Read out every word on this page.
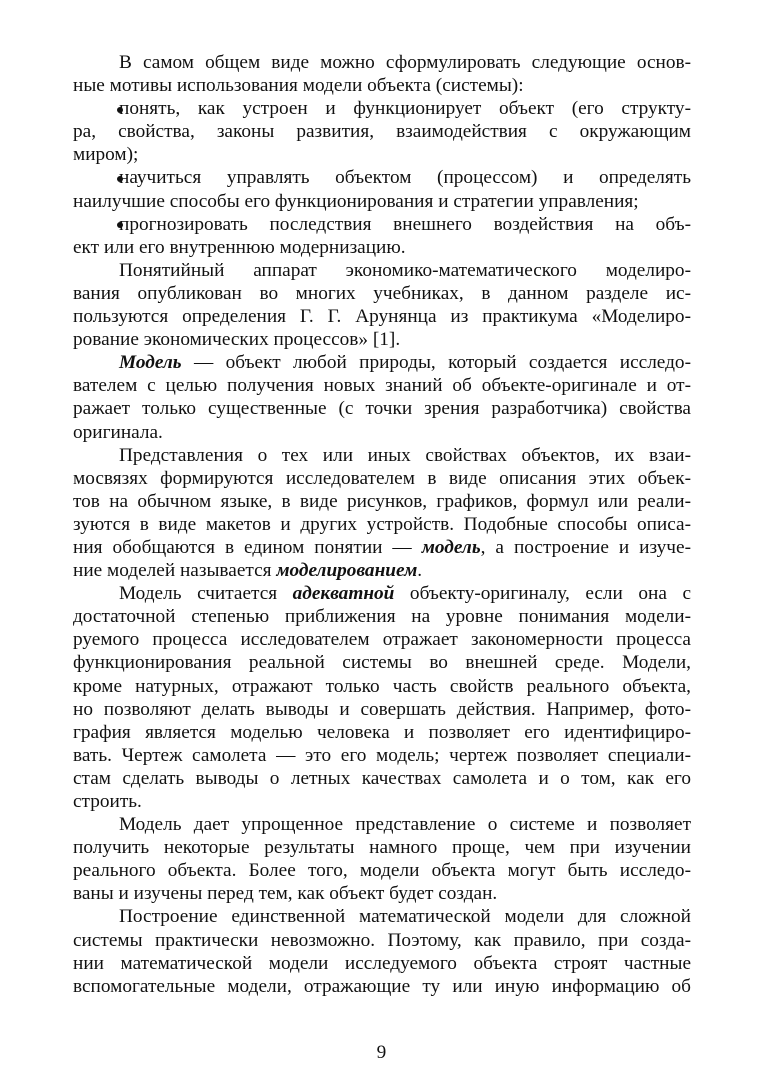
В самом общем виде можно сформулировать следующие основ-
ные мотивы использования модели объекта (системы):
понять, как устроен и функционирует объект (его структу-
ра, свойства, законы развития, взаимодействия с окружающим
миром);
научиться управлять объектом (процессом) и определять
наилучшие способы его функционирования и стратегии управления;
прогнозировать последствия внешнего воздействия на объ-
ект или его внутреннюю модернизацию.
Понятийный аппарат экономико-математического моделиро-
вания опубликован во многих учебниках, в данном разделе ис-
пользуются определения Г. Г. Арунянца из практикума «Моделиро-
рование экономических процессов» [1].
Модель — объект любой природы, который создается исследо-
вателем с целью получения новых знаний об объекте-оригинале и от-
ражает только существенные (с точки зрения разработчика) свойства
оригинала.
Представления о тех или иных свойствах объектов, их взаи-
мосвязях формируются исследователем в виде описания этих объек-
тов на обычном языке, в виде рисунков, графиков, формул или реали-
зуются в виде макетов и других устройств. Подобные способы описа-
ния обобщаются в едином понятии — модель, а построение и изуче-
ние моделей называется моделированием.
Модель считается адекватной объекту-оригиналу, если она с
достаточной степенью приближения на уровне понимания модели-
руемого процесса исследователем отражает закономерности процесса
функционирования реальной системы во внешней среде. Модели,
кроме натурных, отражают только часть свойств реального объекта,
но позволяют делать выводы и совершать действия. Например, фото-
графия является моделью человека и позволяет его идентифициро-
вать. Чертеж самолета — это его модель; чертеж позволяет специали-
стам сделать выводы о летных качествах самолета и о том, как его
строить.
Модель дает упрощенное представление о системе и позволяет
получить некоторые результаты намного проще, чем при изучении
реального объекта. Более того, модели объекта могут быть исследо-
ваны и изучены перед тем, как объект будет создан.
Построение единственной математической модели для сложной
системы практически невозможно. Поэтому, как правило, при созда-
нии математической модели исследуемого объекта строят частные
вспомогательные модели, отражающие ту или иную информацию об
9
